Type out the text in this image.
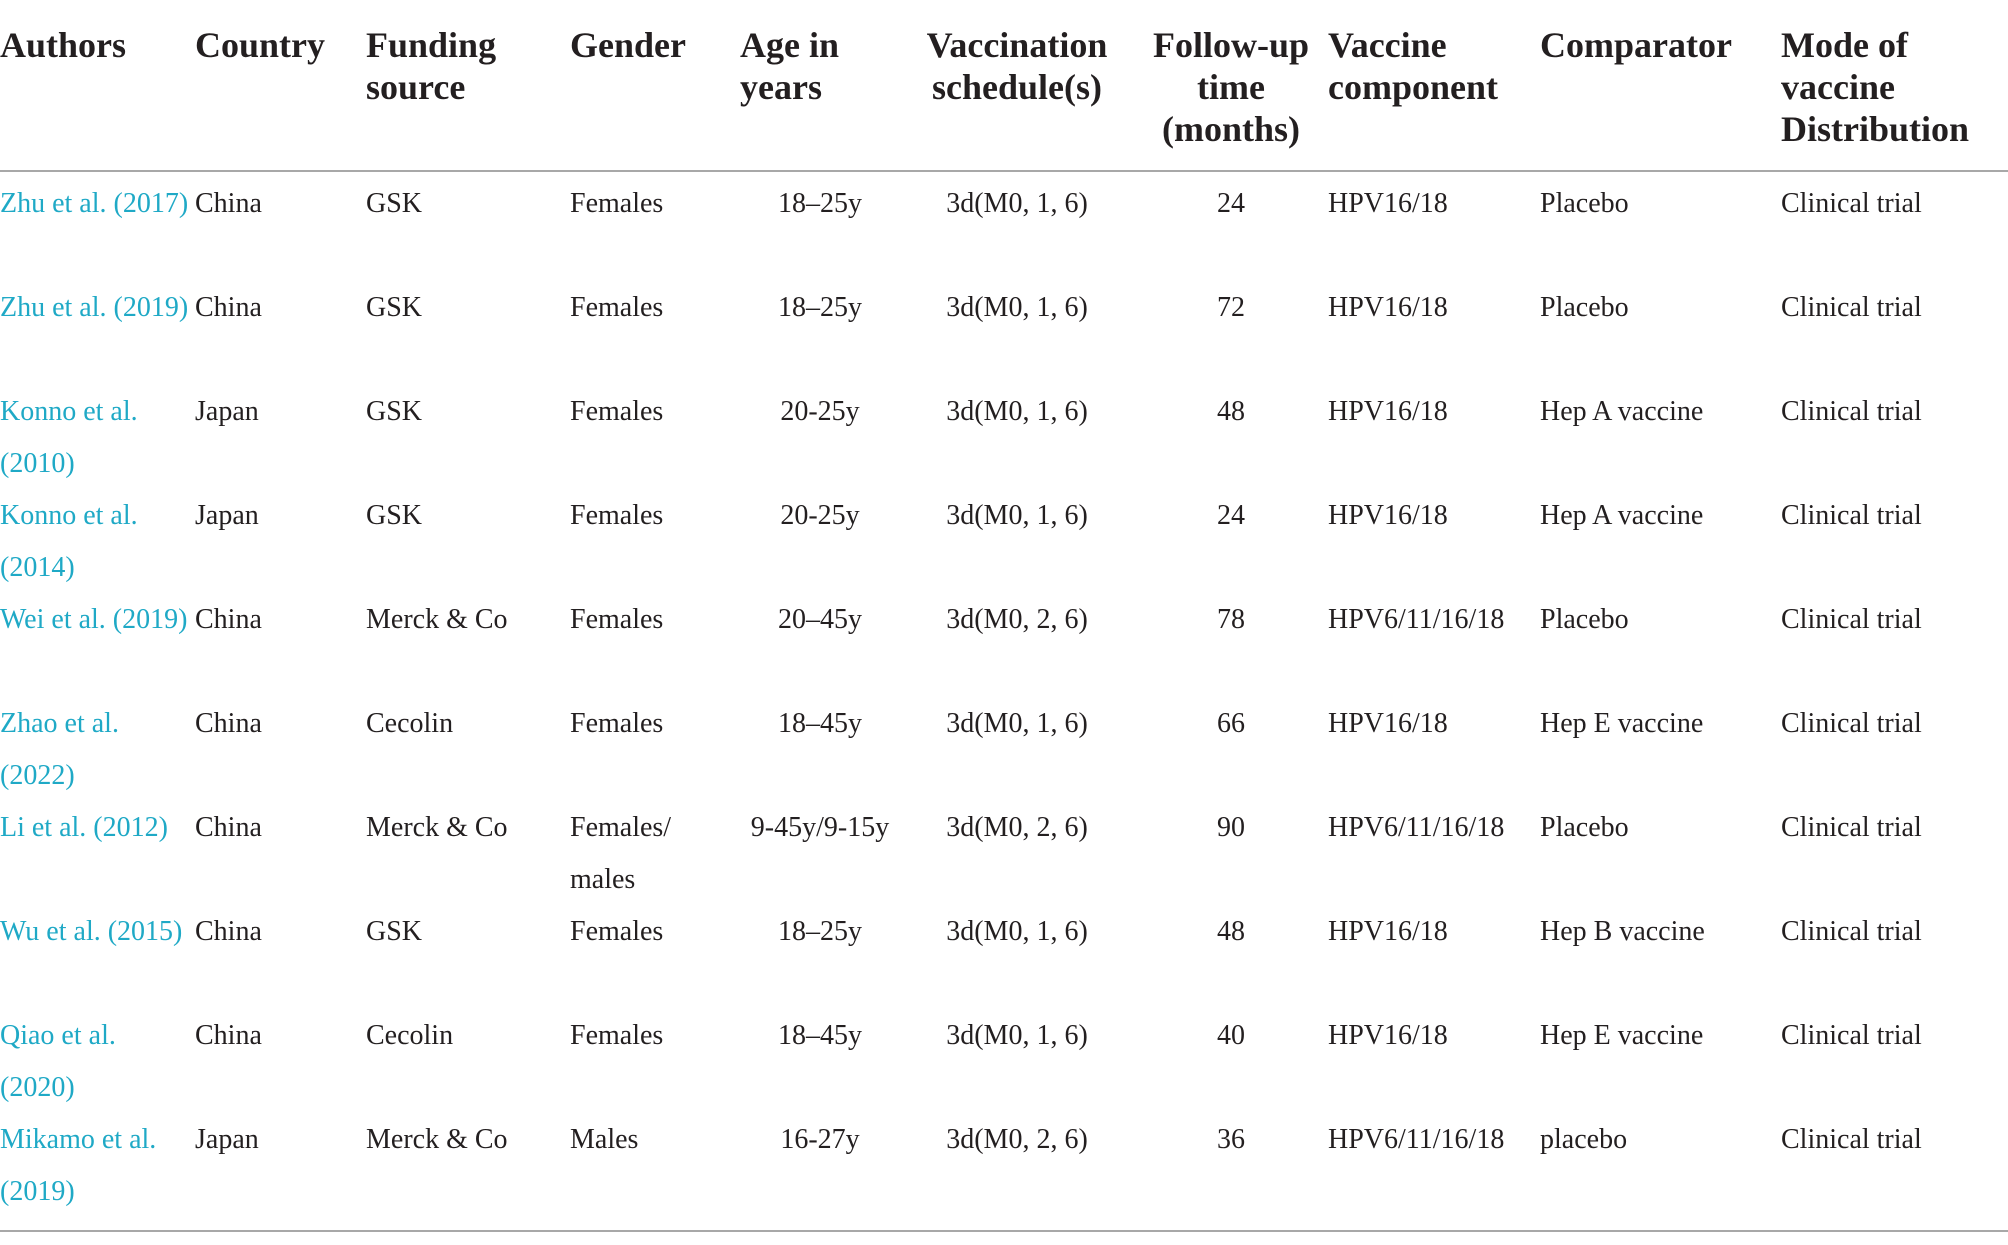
Authors	Country	Funding source	Gender	Age in years	Vaccination schedule(s)	Follow-up time (months)	Vaccine component	Comparator	Mode of vaccine Distribution
Zhu et al. (2017)	China	GSK	Females	18–25y	3d(M0, 1, 6)	24	HPV16/18	Placebo	Clinical trial
Zhu et al. (2019)	China	GSK	Females	18–25y	3d(M0, 1, 6)	72	HPV16/18	Placebo	Clinical trial
Konno et al. (2010)	Japan	GSK	Females	20-25y	3d(M0, 1, 6)	48	HPV16/18	Hep A vaccine	Clinical trial
Konno et al. (2014)	Japan	GSK	Females	20-25y	3d(M0, 1, 6)	24	HPV16/18	Hep A vaccine	Clinical trial
Wei et al. (2019)	China	Merck & Co	Females	20–45y	3d(M0, 2, 6)	78	HPV6/11/16/18	Placebo	Clinical trial
Zhao et al. (2022)	China	Cecolin	Females	18–45y	3d(M0, 1, 6)	66	HPV16/18	Hep E vaccine	Clinical trial
Li et al. (2012)	China	Merck & Co	Females/ males	9-45y/9-15y	3d(M0, 2, 6)	90	HPV6/11/16/18	Placebo	Clinical trial
Wu et al. (2015)	China	GSK	Females	18–25y	3d(M0, 1, 6)	48	HPV16/18	Hep B vaccine	Clinical trial
Qiao et al. (2020)	China	Cecolin	Females	18–45y	3d(M0, 1, 6)	40	HPV16/18	Hep E vaccine	Clinical trial
Mikamo et al. (2019)	Japan	Merck & Co	Males	16-27y	3d(M0, 2, 6)	36	HPV6/11/16/18	placebo	Clinical trial
